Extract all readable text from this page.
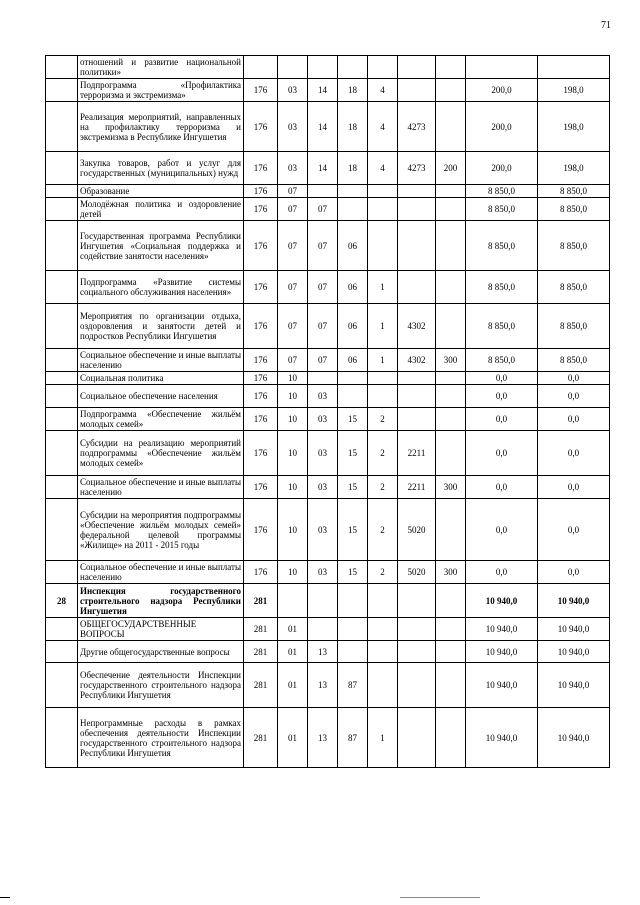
71
	отношений и развитие национальной политики»									
	Подпрограмма «Профилактика терроризма и экстремизма»	176	03	14	18	4			200,0	198,0
	Реализация мероприятий, направленных на профилактику терроризма и экстремизма в Республике Ингушетия	176	03	14	18	4	4273		200,0	198,0
	Закупка товаров, работ и услуг для государственных (муниципальных) нужд	176	03	14	18	4	4273	200	200,0	198,0
	Образование	176	07						8 850,0	8 850,0
	Молодёжная политика и оздоровление детей	176	07	07					8 850,0	8 850,0
	Государственная программа Республики Ингушетия «Социальная поддержка и содействие занятости населения»	176	07	07	06				8 850,0	8 850,0
	Подпрограмма «Развитие системы социального обслуживания населения»	176	07	07	06	1			8 850,0	8 850,0
	Мероприятия по организации отдыха, оздоровления и занятости детей и подростков Республики Ингушетия	176	07	07	06	1	4302		8 850,0	8 850,0
	Социальное обеспечение и иные выплаты населению	176	07	07	06	1	4302	300	8 850,0	8 850,0
	Социальная политика	176	10						0,0	0,0
	Социальное обеспечение населения	176	10	03					0,0	0,0
	Подпрограмма «Обеспечение жильём молодых семей»	176	10	03	15	2			0,0	0,0
	Субсидии на реализацию мероприятий подпрограммы «Обеспечение жильём молодых семей»	176	10	03	15	2	2211		0,0	0,0
	Социальное обеспечение и иные выплаты населению	176	10	03	15	2	2211	300	0,0	0,0
	Субсидии на мероприятия подпрограммы «Обеспечение жильём молодых семей» федеральной целевой программы «Жилище» на 2011 - 2015 годы	176	10	03	15	2	5020		0,0	0,0
	Социальное обеспечение и иные выплаты населению	176	10	03	15	2	5020	300	0,0	0,0
28	Инспекция государственного строительного надзора Республики Ингушетия	281							10 940,0	10 940,0
	ОБЩЕГОСУДАРСТВЕННЫЕ ВОПРОСЫ	281	01						10 940,0	10 940,0
	Другие общегосударственные вопросы	281	01	13					10 940,0	10 940,0
	Обеспечение деятельности Инспекции государственного строительного надзора Республики Ингушетия	281	01	13	87				10 940,0	10 940,0
	Непрограммные расходы в рамках обеспечения деятельности Инспекции государственного строительного надзора Республики Ингушетия	281	01	13	87	1			10 940,0	10 940,0
